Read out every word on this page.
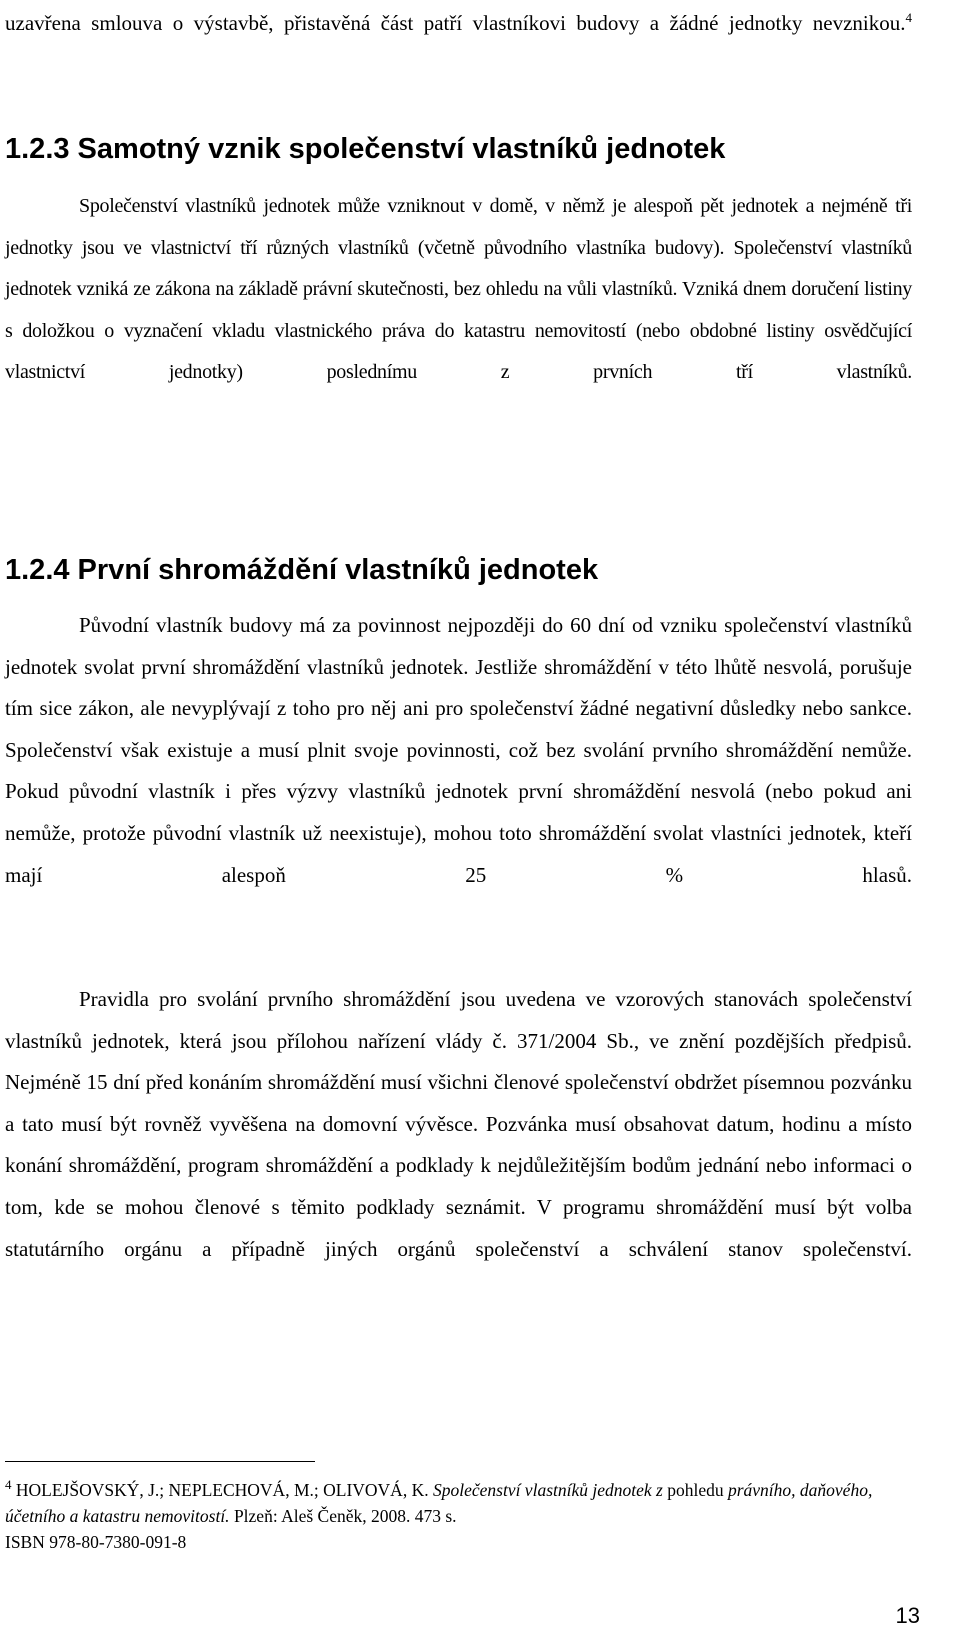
uzavřena smlouva o výstavbě, přistavěná část patří vlastníkovi budovy a žádné jednotky nevznikou.$^4$

1.2.3 Samotný vznik společenství vlastníků jednotek

Společenství vlastníků jednotek může vzniknout v domě, v němž je alespoň pět jednotek a nejméně tři jednotky jsou ve vlastnictví tří různých vlastníků (včetně původního vlastníka budovy). Společenství vlastníků jednotek vzniká ze zákona na základě právní skutečnosti, bez ohledu na vůli vlastníků. Vzniká dnem doručení listiny s doložkou o vyznačení vkladu vlastnického práva do katastru nemovitostí (nebo obdobné listiny osvědčující vlastnictví jednotky) poslednímu z prvních tří vlastníků.

1.2.4 První shromáždění vlastníků jednotek

Původní vlastník budovy má za povinnost nejpozději do 60 dní od vzniku společenství vlastníků jednotek svolat první shromáždění vlastníků jednotek. Jestliže shromáždění v této lhůtě nesvolá, porušuje tím sice zákon, ale nevyplývají z toho pro něj ani pro společenství žádné negativní důsledky nebo sankce. Společenství však existuje a musí plnit svoje povinnosti, což bez svolání prvního shromáždění nemůže. Pokud původní vlastník i přes výzvy vlastníků jednotek první shromáždění nesvolá (nebo pokud ani nemůže, protože původní vlastník už neexistuje), mohou toto shromáždění svolat vlastníci jednotek, kteří mají alespoň 25 % hlasů.

Pravidla pro svolání prvního shromáždění jsou uvedena ve vzorových stanovách společenství vlastníků jednotek, která jsou přílohou nařízení vlády č. 371/2004 Sb., ve znění pozdějších předpisů. Nejméně 15 dní před konáním shromáždění musí všichni členové společenství obdržet písemnou pozvánku a tato musí být rovněž vyvěšena na domovní vývěsce. Pozvánka musí obsahovat datum, hodinu a místo konání shromáždění, program shromáždění a podklady k nejdůležitějším bodům jednání nebo informaci o tom, kde se mohou členové s těmito podklady seznámit. V programu shromáždění musí být volba statutárního orgánu a případně jiných orgánů společenství a schválení stanov společenství.

$^4$ HOLEJŠOVSKÝ, J.; NEPLECHOVÁ, M.; OLIVOVÁ, K. Společenství vlastníků jednotek z pohledu právního, daňového, účetního a katastru nemovitostí. Plzeň: Aleš Čeněk, 2008. 473 s.
ISBN 978-80-7380-091-8

13
